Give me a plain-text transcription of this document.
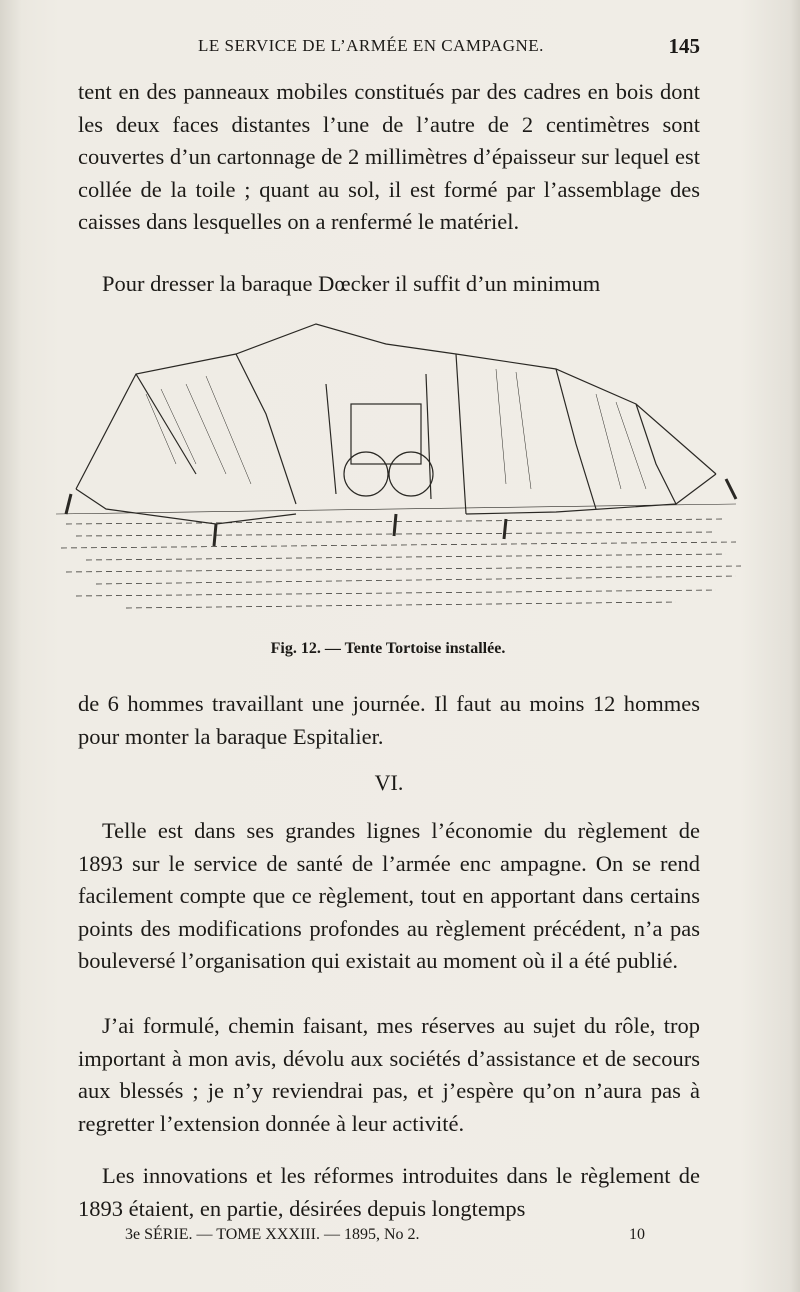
LE SERVICE DE L’ARMÉE EN CAMPAGNE.	145

tent en des panneaux mobiles constitués par des cadres en bois dont les deux faces distantes l’une de l’autre de 2 centimètres sont couvertes d’un cartonnage de 2 millimètres d’épaisseur sur lequel est collée de la toile ; quant au sol, il est formé par l’assemblage des caisses dans lesquelles on a renfermé le matériel.

Pour dresser la baraque Dœcker il suffit d’un minimum

Fig. 12. — Tente Tortoise installée.

de 6 hommes travaillant une journée. Il faut au moins 12 hommes pour monter la baraque Espitalier.

VI.

Telle est dans ses grandes lignes l’économie du règlement de 1893 sur le service de santé de l’armée enc ampagne. On se rend facilement compte que ce règlement, tout en apportant dans certains points des modifications profondes au règlement précédent, n’a pas bouleversé l’organisation qui existait au moment où il a été publié.

J’ai formulé, chemin faisant, mes réserves au sujet du rôle, trop important à mon avis, dévolu aux sociétés d’assistance et de secours aux blessés ; je n’y reviendrai pas, et j’espère qu’on n’aura pas à regretter l’extension donnée à leur activité.

Les innovations et les réformes introduites dans le règlement de 1893 étaient, en partie, désirées depuis longtemps

3e SÉRIE. — TOME XXXIII. — 1895, No 2.	10
